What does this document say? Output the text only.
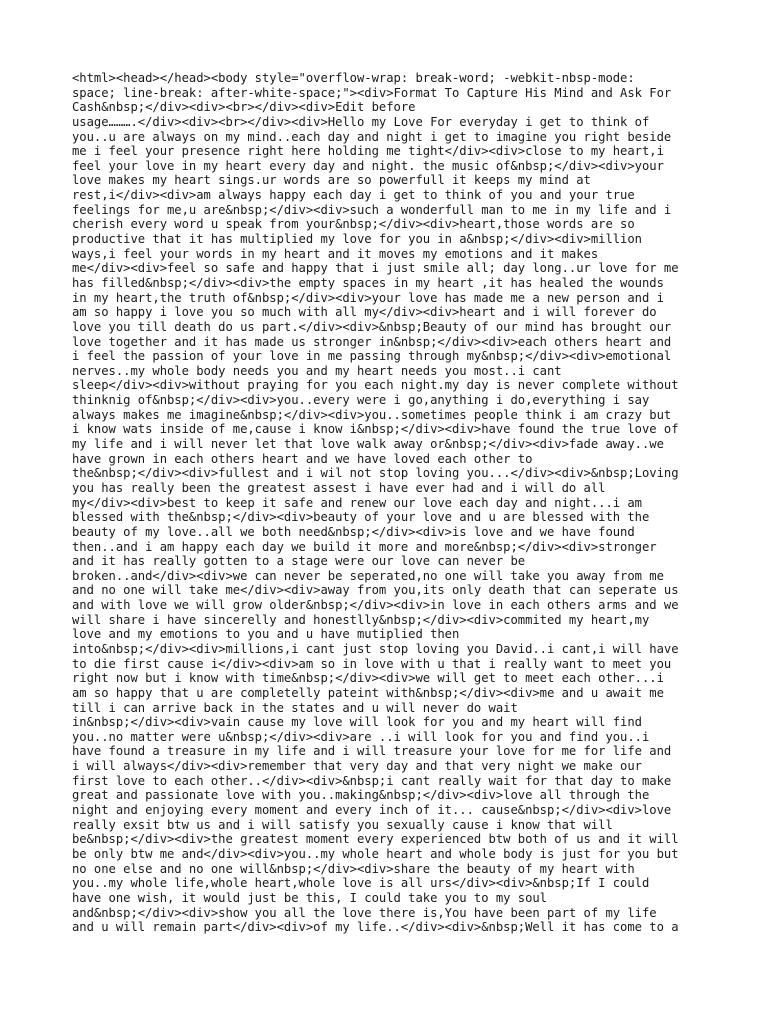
<html><head></head><body style="overflow-wrap: break-word; -webkit-nbsp-mode:
space; line-break: after-white-space;"><div>Format To Capture His Mind and Ask For
Cash&nbsp;</div><div><br></div><div>Edit before
usage……….</div><div><br></div><div>Hello my Love For everyday i get to think of
you..u are always on my mind..each day and night i get to imagine you right beside
me i feel your presence right here holding me tight</div><div>close to my heart,i
feel your love in my heart every day and night. the music of&nbsp;</div><div>your
love makes my heart sings.ur words are so powerfull it keeps my mind at
rest,i</div><div>am always happy each day i get to think of you and your true
feelings for me,u are&nbsp;</div><div>such a wonderfull man to me in my life and i
cherish every word u speak from your&nbsp;</div><div>heart,those words are so
productive that it has multiplied my love for you in a&nbsp;</div><div>million
ways,i feel your words in my heart and it moves my emotions and it makes
me</div><div>feel so safe and happy that i just smile all; day long..ur love for me
has filled&nbsp;</div><div>the empty spaces in my heart ,it has healed the wounds
in my heart,the truth of&nbsp;</div><div>your love has made me a new person and i
am so happy i love you so much with all my</div><div>heart and i will forever do
love you till death do us part.</div><div>&nbsp;Beauty of our mind has brought our
love together and it has made us stronger in&nbsp;</div><div>each others heart and
i feel the passion of your love in me passing through my&nbsp;</div><div>emotional
nerves..my whole body needs you and my heart needs you most..i cant
sleep</div><div>without praying for you each night.my day is never complete without
thinknig of&nbsp;</div><div>you..every were i go,anything i do,everything i say
always makes me imagine&nbsp;</div><div>you..sometimes people think i am crazy but
i know wats inside of me,cause i know i&nbsp;</div><div>have found the true love of
my life and i will never let that love walk away or&nbsp;</div><div>fade away..we
have grown in each others heart and we have loved each other to
the&nbsp;</div><div>fullest and i wil not stop loving you...</div><div>&nbsp;Loving
you has really been the greatest assest i have ever had and i will do all
my</div><div>best to keep it safe and renew our love each day and night...i am
blessed with the&nbsp;</div><div>beauty of your love and u are blessed with the
beauty of my love..all we both need&nbsp;</div><div>is love and we have found
then..and i am happy each day we build it more and more&nbsp;</div><div>stronger
and it has really gotten to a stage were our love can never be
broken..and</div><div>we can never be seperated,no one will take you away from me
and no one will take me</div><div>away from you,its only death that can seperate us
and with love we will grow older&nbsp;</div><div>in love in each others arms and we
will share i have sincerelly and honestlly&nbsp;</div><div>commited my heart,my
love and my emotions to you and u have mutiplied then
into&nbsp;</div><div>millions,i cant just stop loving you David..i cant,i will have
to die first cause i</div><div>am so in love with u that i really want to meet you
right now but i know with time&nbsp;</div><div>we will get to meet each other...i
am so happy that u are completelly pateint with&nbsp;</div><div>me and u await me
till i can arrive back in the states and u will never do wait
in&nbsp;</div><div>vain cause my love will look for you and my heart will find
you..no matter were u&nbsp;</div><div>are ..i will look for you and find you..i
have found a treasure in my life and i will treasure your love for me for life and
i will always</div><div>remember that very day and that very night we make our
first love to each other..</div><div>&nbsp;i cant really wait for that day to make
great and passionate love with you..making&nbsp;</div><div>love all through the
night and enjoying every moment and every inch of it... cause&nbsp;</div><div>love
really exsit btw us and i will satisfy you sexually cause i know that will
be&nbsp;</div><div>the greatest moment every experienced btw both of us and it will
be only btw me and</div><div>you..my whole heart and whole body is just for you but
no one else and no one will&nbsp;</div><div>share the beauty of my heart with
you..my whole life,whole heart,whole love is all urs</div><div>&nbsp;If I could
have one wish, it would just be this, I could take you to my soul
and&nbsp;</div><div>show you all the love there is,You have been part of my life
and u will remain part</div><div>of my life..</div><div>&nbsp;Well it has come to a
